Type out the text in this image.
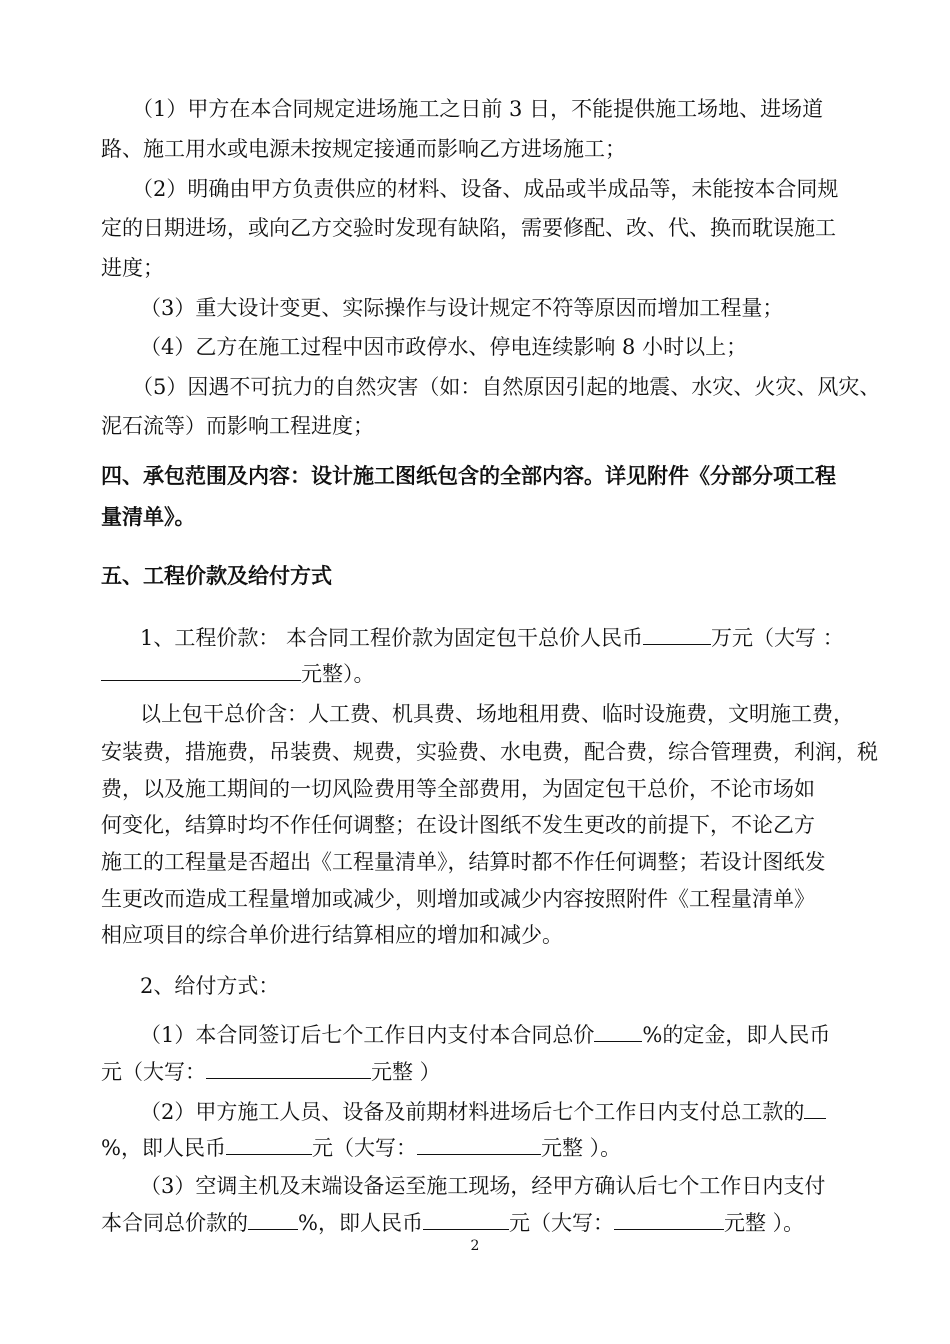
（1）甲方在本合同规定进场施工之日前 3 日，不能提供施工场地、进场道
路、施工用水或电源未按规定接通而影响乙方进场施工；
（2）明确由甲方负责供应的材料、设备、成品或半成品等，未能按本合同规
定的日期进场，或向乙方交验时发现有缺陷，需要修配、改、代、换而耽误施工
进度；
（3）重大设计变更、实际操作与设计规定不符等原因而增加工程量；
（4）乙方在施工过程中因市政停水、停电连续影响 8 小时以上；
（5）因遇不可抗力的自然灾害（如：自然原因引起的地震、水灾、火灾、风灾、
泥石流等）而影响工程进度；
四、承包范围及内容：设计施工图纸包含的全部内容。详见附件《分部分项工程
量清单》。
五、工程价款及给付方式
1、工程价款： 本合同工程价款为固定包干总价人民币	万元（大写 ：
元整）。
以上包干总价含：人工费、机具费、场地租用费、临时设施费，文明施工费，
安装费，措施费，吊装费、规费，实验费、水电费，配合费，综合管理费，利润，税
费，以及施工期间的一切风险费用等全部费用，为固定包干总价，不论市场如
何变化，结算时均不作任何调整；在设计图纸不发生更改的前提下，不论乙方
施工的工程量是否超出《工程量清单》，结算时都不作任何调整；若设计图纸发
生更改而造成工程量增加或减少，则增加或减少内容按照附件《工程量清单》
相应项目的综合单价进行结算相应的增加和减少。
2、给付方式：
（1）本合同签订后七个工作日内支付本合同总价 %的定金，即人民币
元（大写：	元整 ）
（2）甲方施工人员、设备及前期材料进场后七个工作日内支付总工款的
%，即人民币	元（大写：	元整 ）。
（3）空调主机及末端设备运至施工现场，经甲方确认后七个工作日内支付
本合同总价款的 %，即人民币	元（大写：	元整 ）。
2
